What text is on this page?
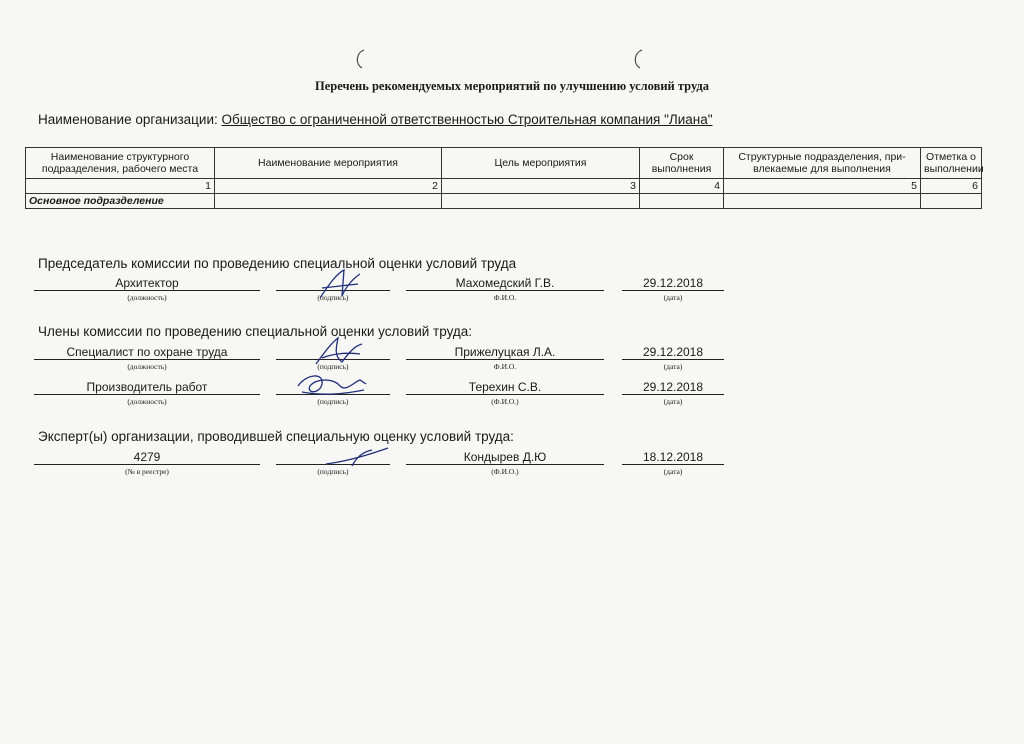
Перечень рекомендуемых мероприятий по улучшению условий труда
Наименование организации: Общество с ограниченной ответственностью Строительная компания "Лиана"
Наименование структурного подразделения, рабочего места	Наименование мероприятия	Цель мероприятия	Срок выполнения	Структурные подразделения, при-влекаемые для выполнения	Отметка о выполнении
1	2	3	4	5	6
Основное подразделение					
Председатель комиссии по проведению специальной оценки условий труда
Архитектор	Махомедский Г.В.	29.12.2018
(должность)	(подпись)	Ф.И.О.	(дата)
Члены комиссии по проведению специальной оценки условий труда:
Специалист по охране труда	Прижелуцкая Л.А.	29.12.2018
(должность)	(подпись)	Ф.И.О.	(дата)
Производитель работ	Терехин С.В.	29.12.2018
(должность)	(подпись)	(Ф.И.О.)	(дата)
Эксперт(ы) организации, проводившей специальную оценку условий труда:
4279	Кондырев Д.Ю	18.12.2018
(№ в реестре)	(подпись)	(Ф.И.О.)	(дата)
